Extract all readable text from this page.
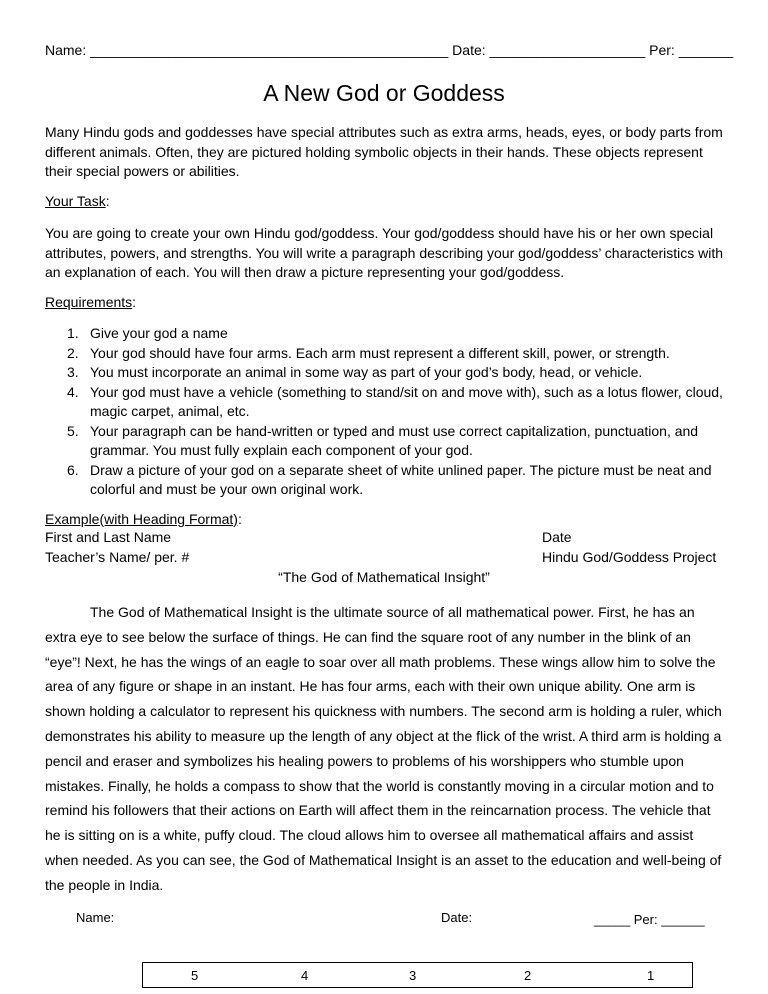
Name: ______________________________________________ Date: ____________________ Per: _______
A New God or Goddess
Many Hindu gods and goddesses have special attributes such as extra arms, heads, eyes, or body parts from different animals. Often, they are pictured holding symbolic objects in their hands. These objects represent their special powers or abilities.
Your Task:
You are going to create your own Hindu god/goddess. Your god/goddess should have his or her own special attributes, powers, and strengths. You will write a paragraph describing your god/goddess’ characteristics with an explanation of each. You will then draw a picture representing your god/goddess.
Requirements:
1. Give your god a name
2. Your god should have four arms. Each arm must represent a different skill, power, or strength.
3. You must incorporate an animal in some way as part of your god’s body, head, or vehicle.
4. Your god must have a vehicle (something to stand/sit on and move with), such as a lotus flower, cloud, magic carpet, animal, etc.
5. Your paragraph can be hand-written or typed and must use correct capitalization, punctuation, and grammar. You must fully explain each component of your god.
6. Draw a picture of your god on a separate sheet of white unlined paper. The picture must be neat and colorful and must be your own original work.
Example(with Heading Format):
First and Last Name	Date
Teacher’s Name/ per. #	Hindu God/Goddess Project
“The God of Mathematical Insight”
The God of Mathematical Insight is the ultimate source of all mathematical power. First, he has an extra eye to see below the surface of things. He can find the square root of any number in the blink of an “eye”! Next, he has the wings of an eagle to soar over all math problems. These wings allow him to solve the area of any figure or shape in an instant. He has four arms, each with their own unique ability. One arm is shown holding a calculator to represent his quickness with numbers. The second arm is holding a ruler, which demonstrates his ability to measure up the length of any object at the flick of the wrist. A third arm is holding a pencil and eraser and symbolizes his healing powers to problems of his worshippers who stumble upon mistakes. Finally, he holds a compass to show that the world is constantly moving in a circular motion and to remind his followers that their actions on Earth will affect them in the reincarnation process. The vehicle that he is sitting on is a white, puffy cloud. The cloud allows him to oversee all mathematical affairs and assist when needed. As you can see, the God of Mathematical Insight is an asset to the education and well-being of the people in India.
Name:	Date:	_____ Per: ______
5	4	3	2	1
